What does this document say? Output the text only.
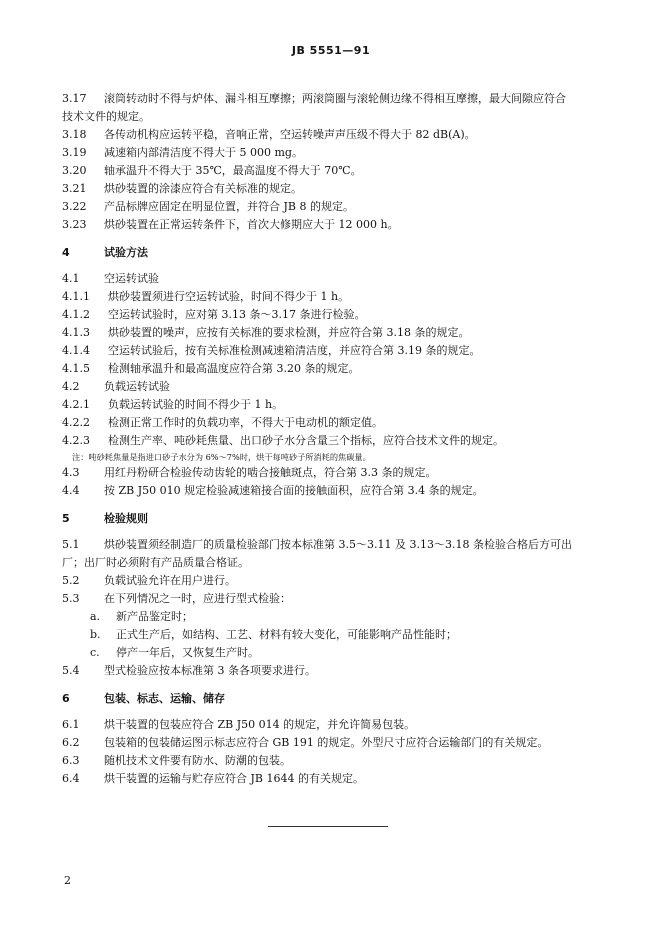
JB 5551—91
3.17 滚筒转动时不得与炉体、漏斗相互摩擦；两滚筒圈与滚轮侧边缘不得相互摩擦，最大间隙应符合
技术文件的规定。
3.18 各传动机构应运转平稳，音响正常，空运转噪声声压级不得大于 82 dB(A)。
3.19 减速箱内部清洁度不得大于 5 000 mg。
3.20 轴承温升不得大于 35℃，最高温度不得大于 70℃。
3.21 烘砂装置的涂漆应符合有关标准的规定。
3.22 产品标牌应固定在明显位置，并符合 JB 8 的规定。
3.23 烘砂装置在正常运转条件下，首次大修期应大于 12 000 h。
4	试验方法
4.1 空运转试验
4.1.1 烘砂装置须进行空运转试验，时间不得少于 1 h。
4.1.2 空运转试验时，应对第 3.13 条～3.17 条进行检验。
4.1.3 烘砂装置的噪声，应按有关标准的要求检测，并应符合第 3.18 条的规定。
4.1.4 空运转试验后，按有关标准检测减速箱清洁度，并应符合第 3.19 条的规定。
4.1.5 检测轴承温升和最高温度应符合第 3.20 条的规定。
4.2 负载运转试验
4.2.1 负载运转试验的时间不得少于 1 h。
4.2.2 检测正常工作时的负载功率，不得大于电动机的额定值。
4.2.3 检测生产率、吨砂耗焦量、出口砂子水分含量三个指标，应符合技术文件的规定。
注：吨砂耗焦量是指进口砂子水分为 6%～7%时，烘干每吨砂子所消耗的焦碳量。
4.3 用红丹粉研合检验传动齿轮的啮合接触斑点，符合第 3.3 条的规定。
4.4 按 ZB J50 010 规定检验减速箱接合面的接触面积，应符合第 3.4 条的规定。
5	检验规则
5.1 烘砂装置须经制造厂的质量检验部门按本标准第 3.5～3.11 及 3.13～3.18 条检验合格后方可出
厂；出厂时必须附有产品质量合格证。
5.2 负载试验允许在用户进行。
5.3 在下列情况之一时，应进行型式检验：
a. 新产品鉴定时；
b. 正式生产后，如结构、工艺、材料有较大变化，可能影响产品性能时；
c. 停产一年后，又恢复生产时。
5.4 型式检验应按本标准第 3 条各项要求进行。
6	包装、标志、运输、储存
6.1 烘干装置的包装应符合 ZB J50 014 的规定，并允许简易包装。
6.2 包装箱的包装储运图示标志应符合 GB 191 的规定。外型尺寸应符合运输部门的有关规定。
6.3 随机技术文件要有防水、防潮的包装。
6.4 烘干装置的运输与贮存应符合 JB 1644 的有关规定。
2
